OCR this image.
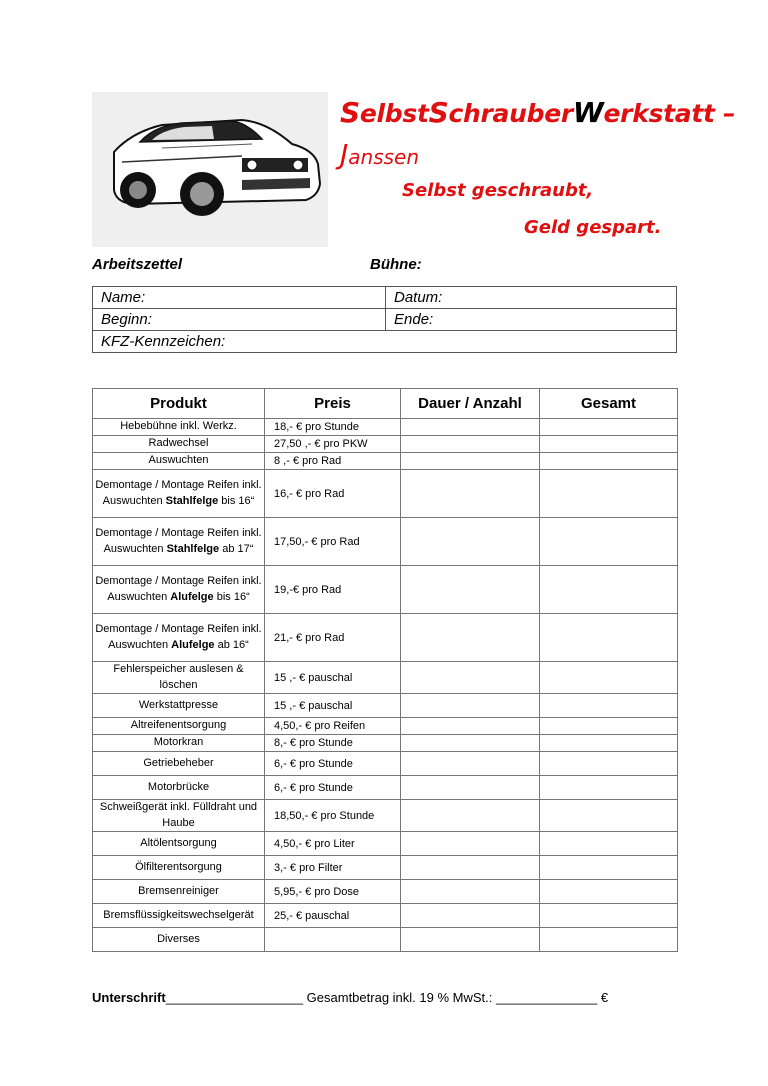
SelbstSchrauberWerkstatt –
Janssen
Selbst geschraubt,
Geld gespart.
Arbeitszettel	Bühne:
Name:	Datum:
Beginn:	Ende:
KFZ-Kennzeichen:	
Produkt	Preis	Dauer / Anzahl	Gesamt
Hebebühne inkl. Werkz.	18,- € pro Stunde		
Radwechsel	27,50 ,- € pro PKW		
Auswuchten	8 ,- € pro Rad		
Demontage / Montage Reifen inkl. Auswuchten Stahlfelge bis 16“	16,- € pro Rad		
Demontage / Montage Reifen inkl. Auswuchten Stahlfelge ab 17“	17,50,- € pro Rad		
Demontage / Montage Reifen inkl. Auswuchten Alufelge bis 16“	19,-€ pro Rad		
Demontage / Montage Reifen inkl. Auswuchten Alufelge ab 16“	21,- € pro Rad		
Fehlerspeicher auslesen & löschen	15 ,- € pauschal		
Werkstattpresse	15 ,- € pauschal		
Altreifenentsorgung	4,50,- € pro Reifen		
Motorkran	8,- € pro Stunde		
Getriebeheber	6,- € pro Stunde		
Motorbrücke	6,- € pro Stunde		
Schweißgerät inkl. Fülldraht und Haube	18,50,- € pro Stunde		
Altölentsorgung	4,50,- € pro Liter		
Ölfilterentsorgung	3,- € pro Filter		
Bremsenreiniger	5,95,- € pro Dose		
Bremsflüssigkeitswechselgerät	25,- € pauschal		
Diverses			
Unterschrift___________________ Gesamtbetrag inkl. 19 % MwSt.: ______________ €
